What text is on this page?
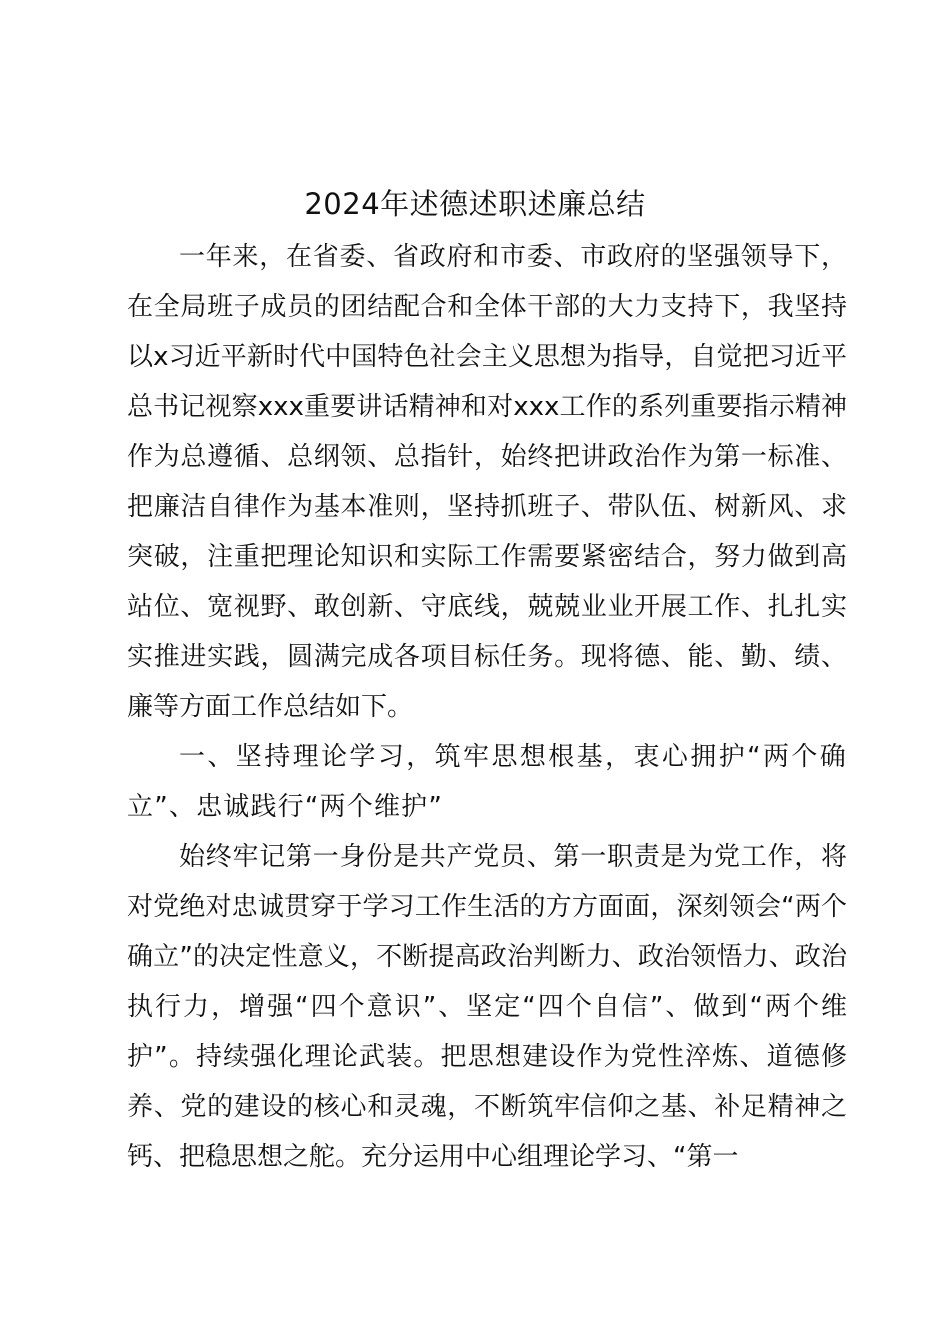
2024年述德述职述廉总结

一年来，在省委、省政府和市委、市政府的坚强领导下，在全局班子成员的团结配合和全体干部的大力支持下，我坚持以x习近平新时代中国特色社会主义思想为指导，自觉把习近平总书记视察xxx重要讲话精神和对xxx工作的系列重要指示精神作为总遵循、总纲领、总指针，始终把讲政治作为第一标准、把廉洁自律作为基本准则，坚持抓班子、带队伍、树新风、求突破，注重把理论知识和实际工作需要紧密结合，努力做到高站位、宽视野、敢创新、守底线，兢兢业业开展工作、扎扎实实推进实践，圆满完成各项目标任务。现将德、能、勤、绩、廉等方面工作总结如下。

一、坚持理论学习，筑牢思想根基，衷心拥护“两个确立”、忠诚践行“两个维护”

始终牢记第一身份是共产党员、第一职责是为党工作，将对党绝对忠诚贯穿于学习工作生活的方方面面，深刻领会“两个确立”的决定性意义，不断提高政治判断力、政治领悟力、政治执行力，增强“四个意识”、坚定“四个自信”、做到“两个维护”。持续强化理论武装。把思想建设作为党性淬炼、道德修养、党的建设的核心和灵魂，不断筑牢信仰之基、补足精神之钙、把稳思想之舵。充分运用中心组理论学习、“第一
